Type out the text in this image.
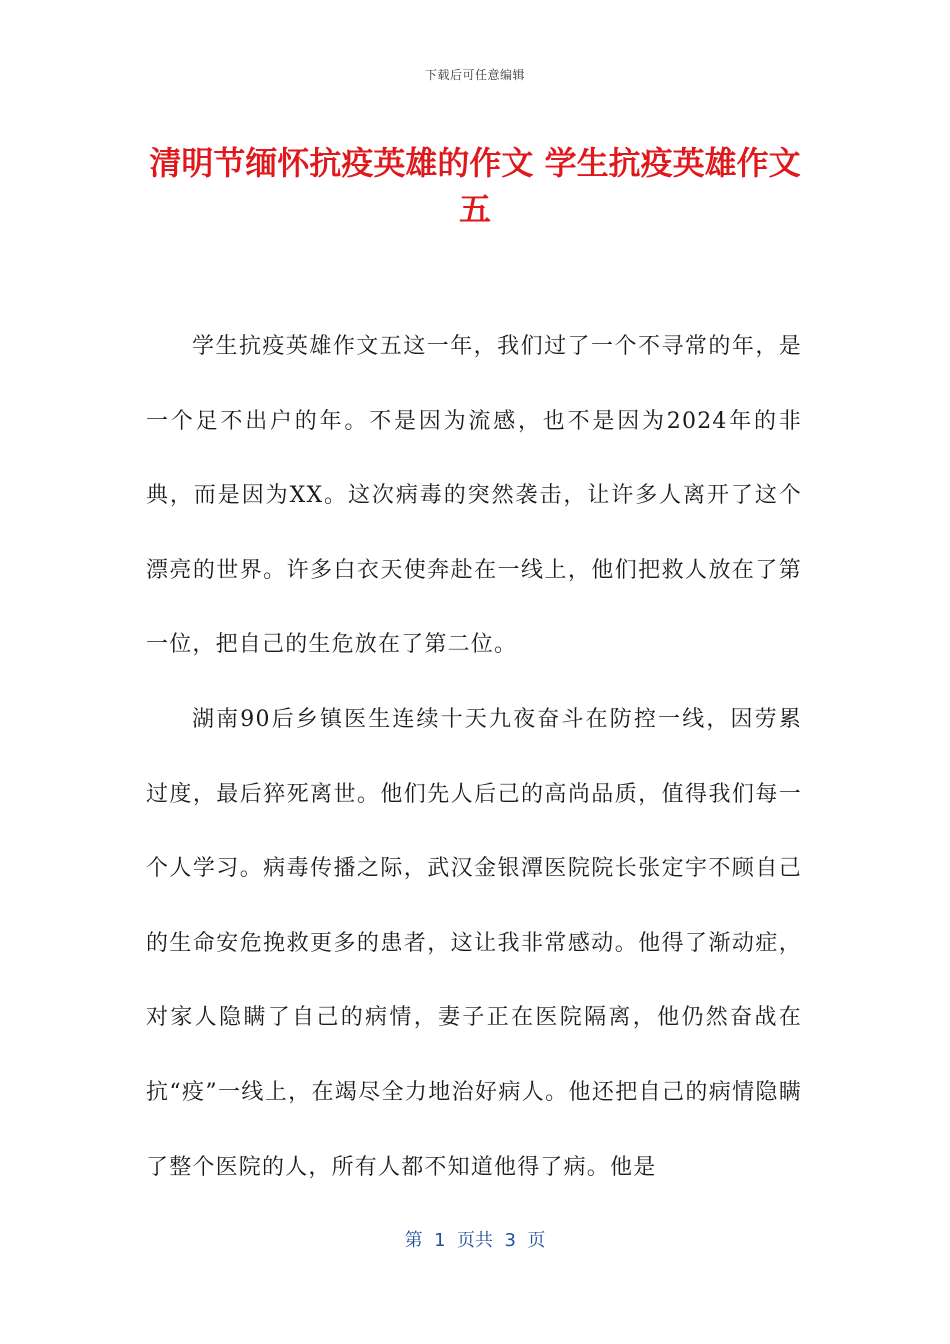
下载后可任意编辑
清明节缅怀抗疫英雄的作文 学生抗疫英雄作文五

学生抗疫英雄作文五这一年，我们过了一个不寻常的年，是一个足不出户的年。不是因为流感，也不是因为2024年的非典，而是因为XX。这次病毒的突然袭击，让许多人离开了这个漂亮的世界。许多白衣天使奔赴在一线上，他们把救人放在了第一位，把自己的生危放在了第二位。

湖南90后乡镇医生连续十天九夜奋斗在防控一线，因劳累过度，最后猝死离世。他们先人后己的高尚品质，值得我们每一个人学习。病毒传播之际，武汉金银潭医院院长张定宇不顾自己的生命安危挽救更多的患者，这让我非常感动。他得了渐动症，对家人隐瞒了自己的病情，妻子正在医院隔离，他仍然奋战在抗“疫”一线上，在竭尽全力地治好病人。他还把自己的病情隐瞒了整个医院的人，所有人都不知道他得了病。他是

第  1  页共  3  页
